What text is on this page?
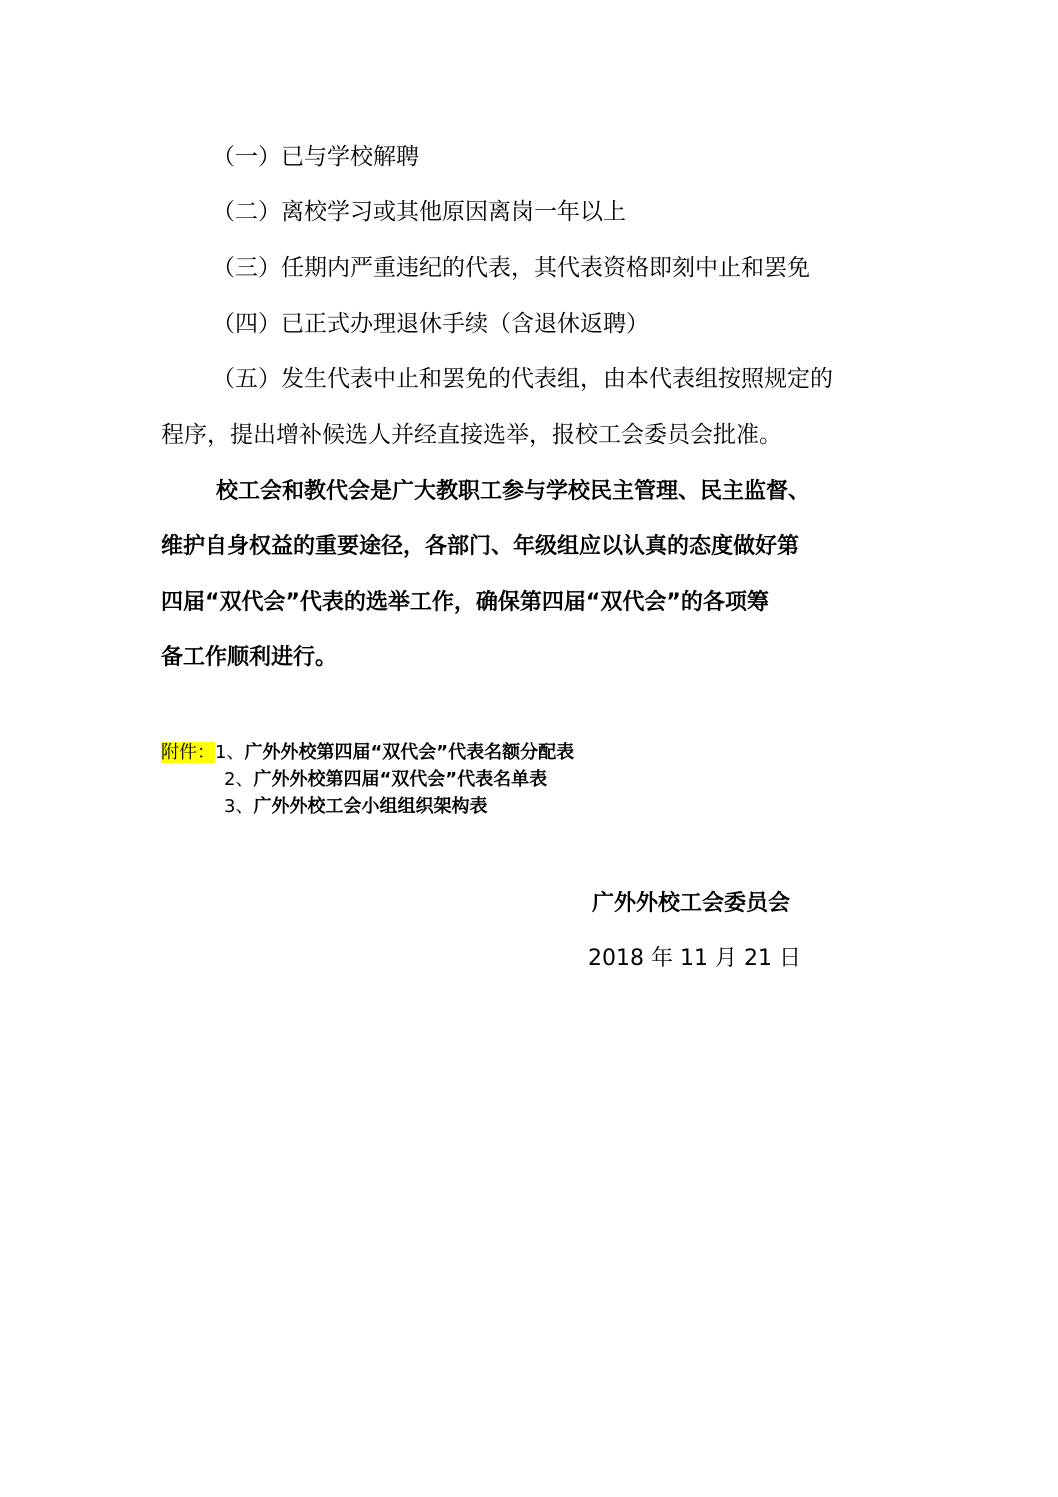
（一）已与学校解聘
（二）离校学习或其他原因离岗一年以上
（三）任期内严重违纪的代表，其代表资格即刻中止和罢免
（四）已正式办理退休手续（含退休返聘）
（五）发生代表中止和罢免的代表组，由本代表组按照规定的
程序，提出增补候选人并经直接选举，报校工会委员会批准。
校工会和教代会是广大教职工参与学校民主管理、民主监督、
维护自身权益的重要途径，各部门、年级组应以认真的态度做好第
四届“双代会”代表的选举工作，确保第四届“双代会”的各项筹
备工作顺利进行。
附件：1、广外外校第四届“双代会”代表名额分配表
2、广外外校第四届“双代会”代表名单表
3、广外外校工会小组组织架构表
广外外校工会委员会
2018 年 11 月 21 日
